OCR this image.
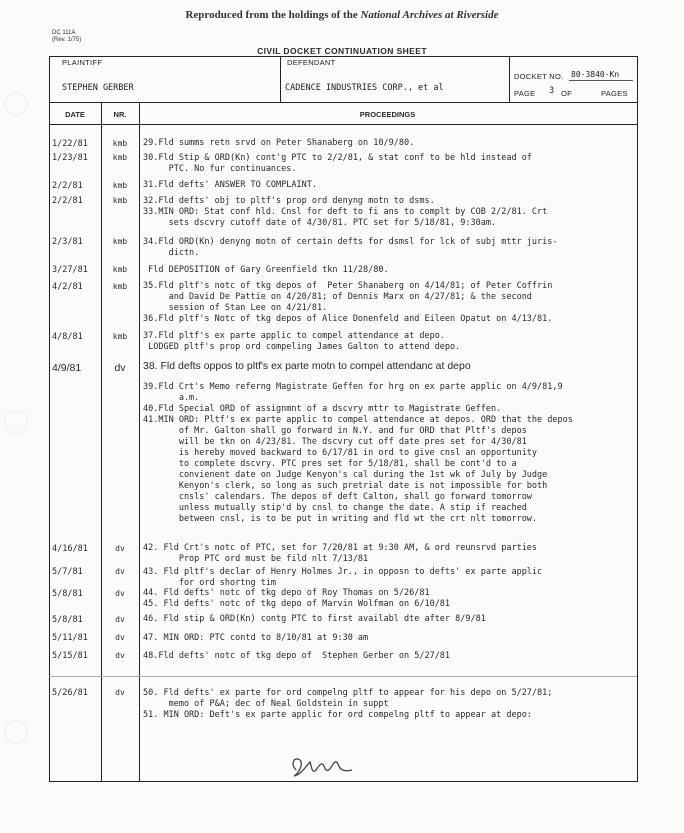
Reproduced from the holdings of the National Archives at Riverside
DC 111A
(Rev. 1/75)
CIVIL DOCKET CONTINUATION SHEET
PLAINTIFF	DEFENDANT
STEPHEN GERBER	CADENCE INDUSTRIES CORP., et al
DOCKET NO. 80-3840-Kn
PAGE 3 OF	PAGES
DATE	NR.	PROCEEDINGS
1/22/81	kmb	29.Fld summs retn srvd on Peter Shanaberg on 10/9/80.
1/23/81	kmb	30.Fld Stip & ORD(Kn) cont'g PTC to 2/2/81, & stat conf to be hld instead of
PTC. No fur continuances.
2/2/81	kmb	31.Fld defts' ANSWER TO COMPLAINT.
2/2/81	kmb	32.Fld defts' obj to pltf's prop ord denyng motn to dsms.
33.MIN ORD: Stat conf hld. Cnsl for deft to fi ans to complt by COB 2/2/81. Crt
sets dscvry cutoff date of 4/30/81. PTC set for 5/18/81, 9:30am.
2/3/81	kmb	34.Fld ORD(Kn) denyng motn of certain defts for dsmsl for lck of subj mttr juris-
dictn.
3/27/81	kmb	Fld DEPOSITION of Gary Greenfield tkn 11/28/80.
4/2/81	kmb	35.Fld pltf's notc of tkg depos of  Peter Shanaberg on 4/14/81; of Peter Coffrin
and David De Pattie on 4/20/81; of Dennis Marx on 4/27/81; & the second
session of Stan Lee on 4/21/81.
36.Fld pltf's Notc of tkg depos of Alice Donenfeld and Eileen Opatut on 4/13/81.
4/8/81	kmb	37.Fld pltf's ex parte applic to compel attendance at depo.
LODGED pltf's prop ord compeling James Galton to attend depo.
4/9/81	dv	38. Fld defts oppos to pltf's ex parte motn to compel attendanc at depo
39.Fld Crt's Memo referng Magistrate Geffen for hrg on ex parte applic on 4/9/81,9
a.m.
40.Fld Special ORD of assignmnt of a dscvry mttr to Magistrate Geffen.
41.MIN ORD: Pltf's ex parte applic to compel attendance at depos. ORD that the depos
of Mr. Galton shall go forward in N.Y. and fur ORD that Pltf's depos
will be tkn on 4/23/81. The dscvry cut off date pres set for 4/30/81
is hereby moved backward to 6/17/81 in ord to give cnsl an opportunity
to complete dscvry. PTC pres set for 5/18/81, shall be cont'd to a
convienent date on Judge Kenyon's cal during the 1st wk of July by Judge
Kenyon's clerk, so long as such pretrial date is not impossible for both
cnsls' calendars. The depos of deft Calton, shall go forward tomorrow
unless mutually stip'd by cnsl to change the date. A stip if reached
between cnsl, is to be put in writing and fld wt the crt nlt tomorrow.
4/16/81	dv	42. Fld Crt's notc of PTC, set for 7/20/81 at 9:30 AM, & ord reunsrvd parties
Prop PTC ord must be fild nlt 7/13/81
5/7/81	dv	43. Fld pltf's declar of Henry Holmes Jr., in opposn to defts' ex parte applic
for ord shortng tim
5/8/81	dv	44. Fld defts' notc of tkg depo of Roy Thomas on 5/26/81
45. Fld defts' notc of tkg depo of Marvin Wolfman on 6/10/81
5/8/81	dv	46. Fld stip & ORD(Kn) contg PTC to first availabl dte after 8/9/81
5/11/81	dv	47. MIN ORD: PTC contd to 8/10/81 at 9:30 am
5/15/81	dv	48.Fld defts' notc of tkg depo of  Stephen Gerber on 5/27/81
5/26/81	dv	50. Fld defts' ex parte for ord compelng pltf to appear for his depo on 5/27/81;
memo of P&A; dec of Neal Goldstein in suppt
51. MIN ORD: Deft's ex parte applic for ord compelng pltf to appear at depo:
